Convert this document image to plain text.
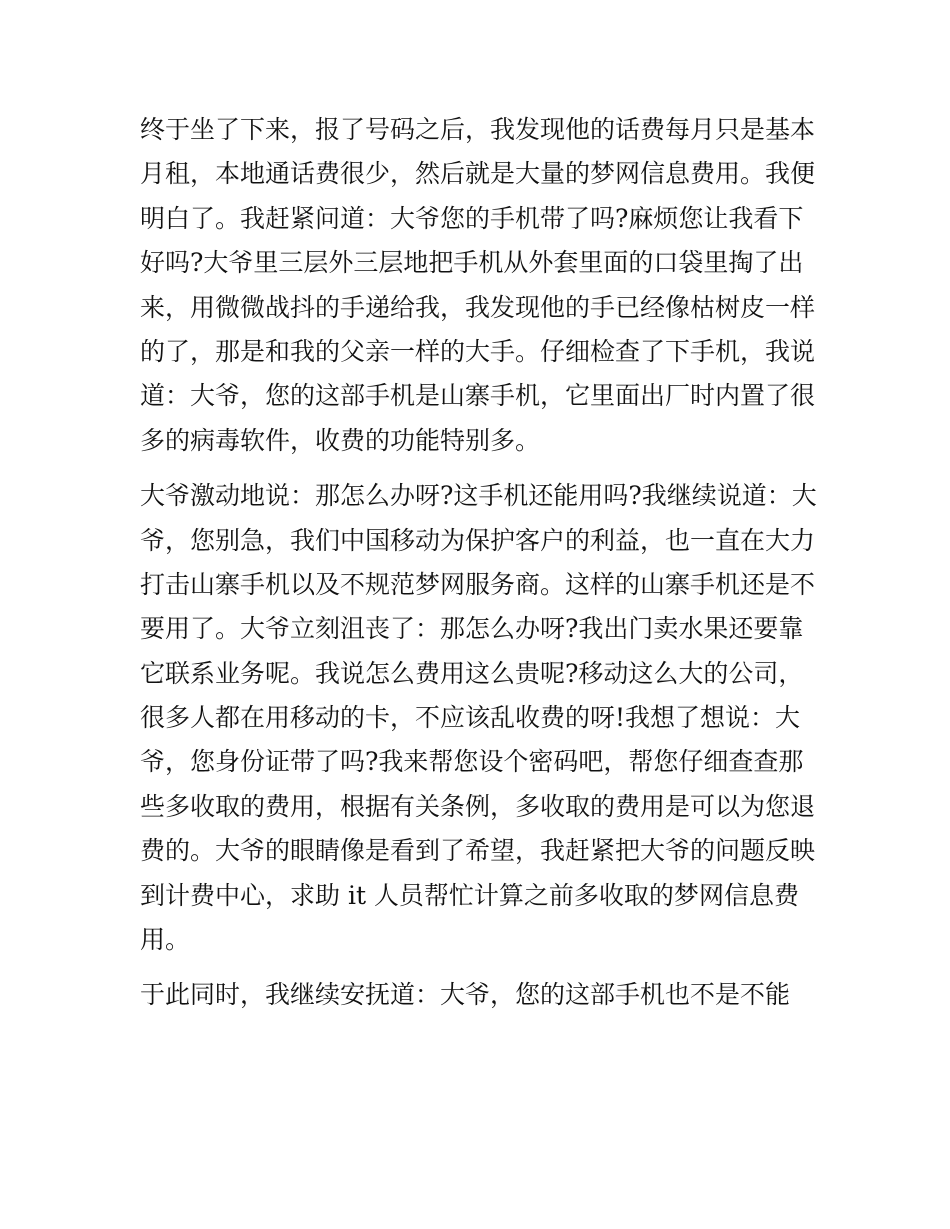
终于坐了下来，报了号码之后，我发现他的话费每月只是基本
月租，本地通话费很少，然后就是大量的梦网信息费用。我便
明白了。我赶紧问道：大爷您的手机带了吗?麻烦您让我看下
好吗?大爷里三层外三层地把手机从外套里面的口袋里掏了出
来，用微微战抖的手递给我，我发现他的手已经像枯树皮一样
的了，那是和我的父亲一样的大手。仔细检查了下手机，我说
道：大爷，您的这部手机是山寨手机，它里面出厂时内置了很
多的病毒软件，收费的功能特别多。
大爷激动地说：那怎么办呀?这手机还能用吗?我继续说道：大
爷，您别急，我们中国移动为保护客户的利益，也一直在大力
打击山寨手机以及不规范梦网服务商。这样的山寨手机还是不
要用了。大爷立刻沮丧了：那怎么办呀?我出门卖水果还要靠
它联系业务呢。我说怎么费用这么贵呢?移动这么大的公司，
很多人都在用移动的卡，不应该乱收费的呀!我想了想说：大
爷，您身份证带了吗?我来帮您设个密码吧，帮您仔细查查那
些多收取的费用，根据有关条例，多收取的费用是可以为您退
费的。大爷的眼睛像是看到了希望，我赶紧把大爷的问题反映
到计费中心，求助 it 人员帮忙计算之前多收取的梦网信息费
用。
于此同时，我继续安抚道：大爷，您的这部手机也不是不能
